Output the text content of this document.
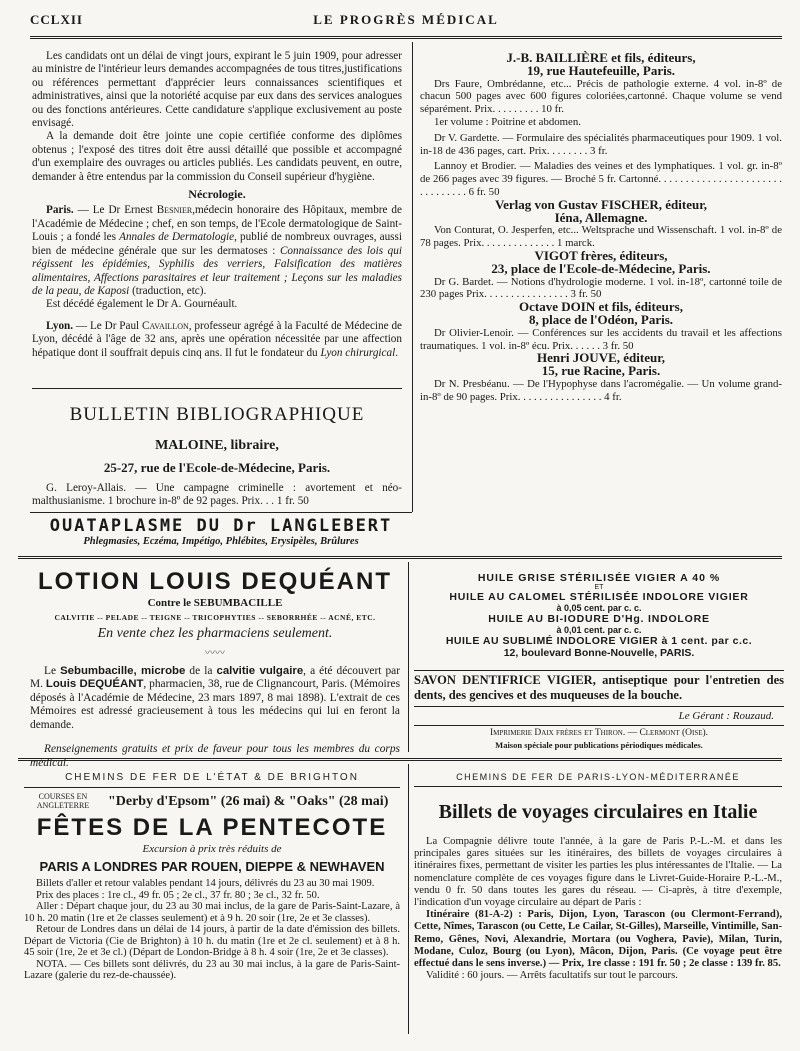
CCLXII	LE PROGRÈS MÉDICAL

Les candidats ont un délai de vingt jours, expirant le 5 juin 1909, pour adresser au ministre de l'intérieur leurs demandes accompagnées de tous titres,justifications ou références permettant d'apprécier leurs connaissances scientifiques et administratives, ainsi que la notoriété acquise par eux dans des services analogues ou des fonctions antérieures. Cette candidature s'applique exclusivement au poste envisagé.

A la demande doit être jointe une copie certifiée conforme des diplômes obtenus ; l'exposé des titres doit être aussi détaillé que possible et accompagné d'un exemplaire des ouvrages ou articles publiés. Les candidats peuvent, en outre, demander à être entendus par la commission du Conseil supérieur d'hygiène.

Nécrologie.

Paris. — Le Dr Ernest Besnier,médecin honoraire des Hôpitaux, membre de l'Académie de Médecine ; chef, en son temps, de l'Ecole dermatologique de Saint-Louis ; a fondé les Annales de Dermatologie, publié de nombreux ouvrages, aussi bien de médecine générale que sur les dermatoses : Connaissance des lois qui régissent les épidémies, Syphilis des verriers, Falsification des matières alimentaires, Affections parasitaires et leur traitement ; Leçons sur les maladies de la peau, de Kaposi (traduction, etc).

Est décédé également le Dr A. Gournéault.

Lyon. — Le Dr Paul Cavaillon, professeur agrégé à la Faculté de Médecine de Lyon, décédé à l'âge de 32 ans, après une opération nécessitée par une affection hépatique dont il souffrait depuis cinq ans. Il fut le fondateur du Lyon chirurgical.

BULLETIN BIBLIOGRAPHIQUE
MALOINE, libraire,
25-27, rue de l'Ecole-de-Médecine, Paris.

G. Leroy-Allais. — Une campagne criminelle : avortement et néo-malthusianisme. 1 brochure in-8º de 92 pages. Prix. . . 1 fr. 50

J.-B. BAILLIÈRE et fils, éditeurs,

19, rue Hautefeuille, Paris.

Drs Faure, Ombrédanne, etc... Précis de pathologie externe. 4 vol. in-8º de chacun 500 pages avec 600 figures coloriées,cartonné. Chaque volume se vend séparément. Prix. . . . . . . . . 10 fr.

1er volume : Poitrine et abdomen.

Dr V. Gardette. — Formulaire des spécialités pharmaceutiques pour 1909. 1 vol. in-18 de 436 pages, cart. Prix. . . . . . . . 3 fr.

Lannoy et Brodier. — Maladies des veines et des lymphatiques. 1 vol. gr. in-8º de 266 pages avec 39 figures. — Broché 5 fr. Cartonné. . . . . . . . . . . . . . . . . . . . . . . . . . . . . . . . 6 fr. 50

Verlag von Gustav FISCHER, éditeur,

Iéna, Allemagne.

Von Conturat, O. Jesperfen, etc... Weltsprache und Wissenschaft. 1 vol. in-8º de 78 pages. Prix. . . . . . . . . . . . . . 1 marck.

VIGOT frères, éditeurs,

23, place de l'Ecole-de-Médecine, Paris.

Dr G. Bardet. — Notions d'hydrologie moderne. 1 vol. in-18º, cartonné toile de 230 pages Prix. . . . . . . . . . . . . . . . 3 fr. 50

Octave DOIN et fils, éditeurs,

8, place de l'Odéon, Paris.

Dr Olivier-Lenoir. — Conférences sur les accidents du travail et les affections traumatiques. 1 vol. in-8º écu. Prix. . . . . . 3 fr. 50

Henri JOUVE, éditeur,

15, rue Racine, Paris.

Dr N. Presbéanu. — De l'Hypophyse dans l'acromégalie. — Un volume grand-in-8º de 90 pages. Prix. . . . . . . . . . . . . . . . 4 fr.

OUATAPLASME DU Dr LANGLEBERT
Phlegmasies, Eczéma, Impétigo, Phlébites, Erysipèles, Brûlures
LOTION LOUIS DEQUÉANT
Contre le SEBUMBACILLE
CALVITIE -- PELADE -- TEIGNE -- TRICOPHYTIES -- SEBORRHÉE -- ACNÉ, ETC.
En vente chez les pharmaciens seulement.
〰〰

Le Sebumbacille, microbe de la calvitie vulgaire, a été découvert par M. Louis DEQUÉANT, pharmacien, 38, rue de Clignancourt, Paris. (Mémoires déposés à l'Académie de Médecine, 23 mars 1897, 8 mai 1898). L'extrait de ces Mémoires est adressé gracieusement à tous les médecins qui lui en feront la demande.

Renseignements gratuits et prix de faveur pour tous les membres du corps médical.

HUILE GRISE STÉRILISÉE VIGIER A 40 %
ET
HUILE AU CALOMEL STÉRILISÉE INDOLORE VIGIER
à 0,05 cent. par c. c.
HUILE AU BI-IODURE D'Hg. INDOLORE
à 0,01 cent. par c. c.
HUILE AU SUBLIMÉ INDOLORE VIGIER à 1 cent. par c.c.
12, boulevard Bonne-Nouvelle, PARIS.
SAVON DENTIFRICE VIGIER, antiseptique pour l'entretien des dents, des gencives et des muqueuses de la bouche.
Le Gérant : Rouzaud.
Imprimerie Daix frères et Thiron. — Clermont (Oise).
Maison spéciale pour publications périodiques médicales.
CHEMINS DE FER DE L'ÉTAT & DE BRIGHTON
COURSES EN ANGLETERRE	"Derby d'Epsom" (26 mai) & "Oaks" (28 mai)
FÊTES DE LA PENTECOTE
Excursion à prix très réduits de
PARIS A LONDRES PAR ROUEN, DIEPPE & NEWHAVEN

Billets d'aller et retour valables pendant 14 jours, délivrés du 23 au 30 mai 1909.

Prix des places : 1re cl., 49 fr. 05 ; 2e cl., 37 fr. 80 ; 3e cl., 32 fr. 50.

Aller : Départ chaque jour, du 23 au 30 mai inclus, de la gare de Paris-Saint-Lazare, à 10 h. 20 matin (1re et 2e classes seulement) et à 9 h. 20 soir (1re, 2e et 3e classes).

Retour de Londres dans un délai de 14 jours, à partir de la date d'émission des billets. Départ de Victoria (Cie de Brighton) à 10 h. du matin (1re et 2e cl. seulement) et à 8 h. 45 soir (1re, 2e et 3e cl.) (Départ de London-Bridge à 8 h. 4 soir (1re, 2e et 3e classes).

NOTA. — Ces billets sont délivrés, du 23 au 30 mai inclus, à la gare de Paris-Saint-Lazare (galerie du rez-de-chaussée).

CHEMINS DE FER DE PARIS-LYON-MÉDITERRANÉE
Billets de voyages circulaires en Italie

La Compagnie délivre toute l'année, à la gare de Paris P.-L.-M. et dans les principales gares situées sur les itinéraires, des billets de voyages circulaires à itinéraires fixes, permettant de visiter les parties les plus intéressantes de l'Italie. — La nomenclature complète de ces voyages figure dans le Livret-Guide-Horaire P.-L.-M., vendu 0 fr. 50 dans toutes les gares du réseau. — Ci-après, à titre d'exemple, l'indication d'un voyage circulaire au départ de Paris :

Itinéraire (81-A-2) : Paris, Dijon, Lyon, Tarascon (ou Clermont-Ferrand), Cette, Nîmes, Tarascon (ou Cette, Le Cailar, St-Gilles), Marseille, Vintimille, San-Remo, Gênes, Novi, Alexandrie, Mortara (ou Voghera, Pavie), Milan, Turin, Modane, Culoz, Bourg (ou Lyon), Mâcon, Dijon, Paris. (Ce voyage peut être effectué dans le sens inverse.) — Prix, 1re classe : 191 fr. 50 ; 2e classe : 139 fr. 85.

Validité : 60 jours. — Arrêts facultatifs sur tout le parcours.
